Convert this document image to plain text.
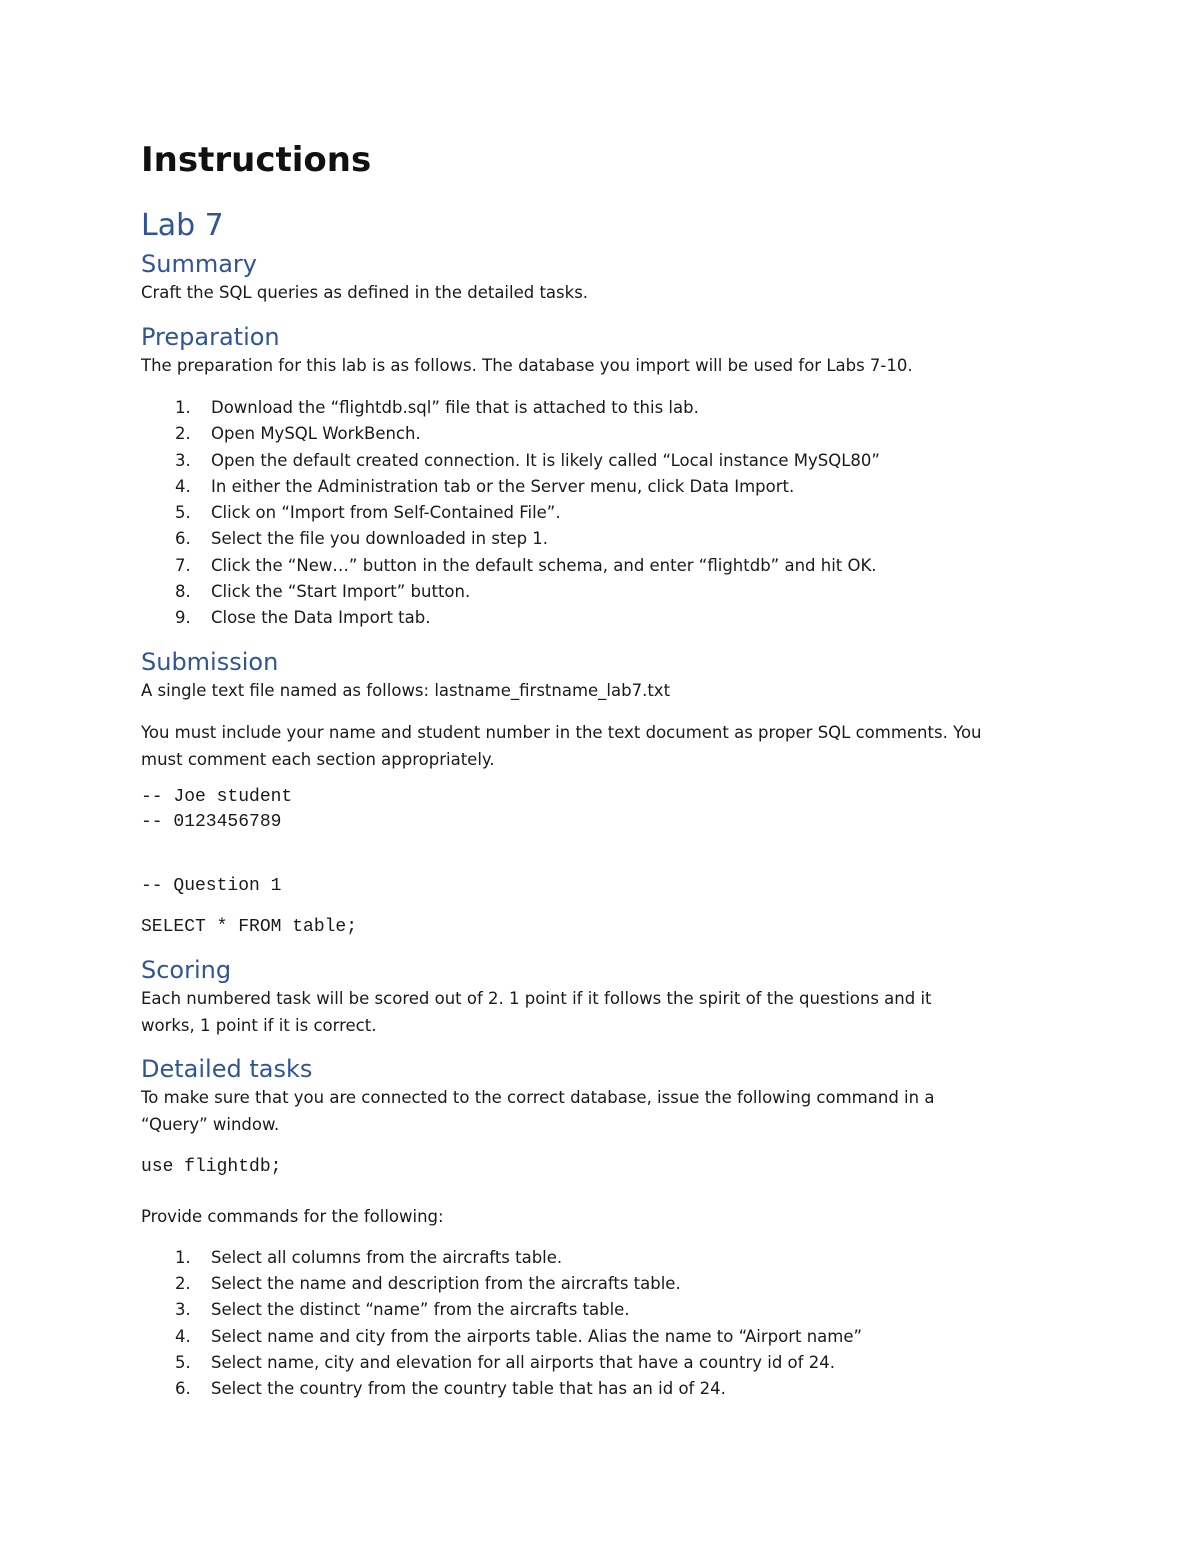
Instructions
Lab 7
Summary

Craft the SQL queries as defined in the detailed tasks.

Preparation

The preparation for this lab is as follows. The database you import will be used for Labs 7-10.

1. Download the “flightdb.sql” file that is attached to this lab.
2. Open MySQL WorkBench.
3. Open the default created connection. It is likely called “Local instance MySQL80”
4. In either the Administration tab or the Server menu, click Data Import.
5. Click on “Import from Self-Contained File”.
6. Select the file you downloaded in step 1.
7. Click the “New…” button in the default schema, and enter “flightdb” and hit OK.
8. Click the “Start Import” button.
9. Close the Data Import tab.
Submission

A single text file named as follows: lastname_firstname_lab7.txt

You must include your name and student number in the text document as proper SQL comments. You

must comment each section appropriately.

-- Joe student
-- 0123456789
-- Question 1
SELECT * FROM table;
Scoring

Each numbered task will be scored out of 2. 1 point if it follows the spirit of the questions and it

works, 1 point if it is correct.

Detailed tasks

To make sure that you are connected to the correct database, issue the following command in a

“Query” window.

use flightdb;

Provide commands for the following:

1. Select all columns from the aircrafts table.
2. Select the name and description from the aircrafts table.
3. Select the distinct “name” from the aircrafts table.
4. Select name and city from the airports table. Alias the name to “Airport name”
5. Select name, city and elevation for all airports that have a country id of 24.
6. Select the country from the country table that has an id of 24.
